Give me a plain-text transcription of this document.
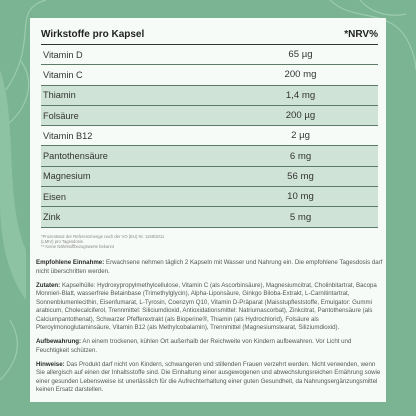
Wirkstoffe pro Kapsel	*NRV%
Vitamin D	65 µg
Vitamin C	200 mg
Thiamin	1,4 mg
Folsäure	200 µg
Vitamin B12	2 µg
Pantothensäure	6 mg
Magnesium	56 mg
Eisen	10 mg
Zink	5 mg
*Prozentsatz der Referenzmenge nach der VO (EU) Nr. 1169/2011
(LMIV) pro Tagesdosis
** Keine Nährstoffbezugswerte bekannt

Empfohlene Einnahme: Erwachsene nehmen täglich 2 Kapseln mit Wasser und Nahrung ein. Die empfohlene Tagesdosis darf nicht überschritten werden.

Zutaten: Kapselhülle: Hydroxypropylmethylcellulose, Vitamin C (als Ascorbinsäure), Magnesiumcitrat, Cholinbitartrat, Bacopa Monnieri-Blatt, wasserfreie Betainbase (Trimethylglycin), Alpha-Liponsäure, Ginkgo Biloba-Extrakt, L-Carnitintartrat, Sonnenblumenlecithin, Eisenfumarat, L-Tyrosin, Coenzym Q10, Vitamin D-Präparat (Maisstupfleststoffe, Emulgator: Gummi arabicum, Cholecalciferol, Trennmittel: Siliciumdioxid, Antioxidationsmittel: Natriumascorbat), Zinkcitrat, Pantothensäure (als Calciumpantothenat), Schwarzer Pfefferextrakt (als Bioperine®, Thiamin (als Hydrochlorid), Folsäure als Pteroylmonoglutaminsäure, Vitamin B12 (als Methylcobalamin), Trennmittel (Magnesiumstearat, Siliziumdioxid).

Aufbewahrung: An einem trockenen, kühlen Ort außerhalb der Reichweite von Kindern aufbewahren. Vor Licht und Feuchtigkeit schützen.

Hinweise: Das Produkt darf nicht von Kindern, schwangeren und stillenden Frauen verzehrt werden. Nicht verwenden, wenn Sie allergisch auf einen der Inhaltsstoffe sind. Die Einhaltung einer ausgewogenen und abwechslungsreichen Ernährung sowie einer gesunden Lebensweise ist unerlässlich für die Aufrechterhaltung einer guten Gesundheit, da Nahrungsergänzungsmittel keinen Ersatz darstellen.
